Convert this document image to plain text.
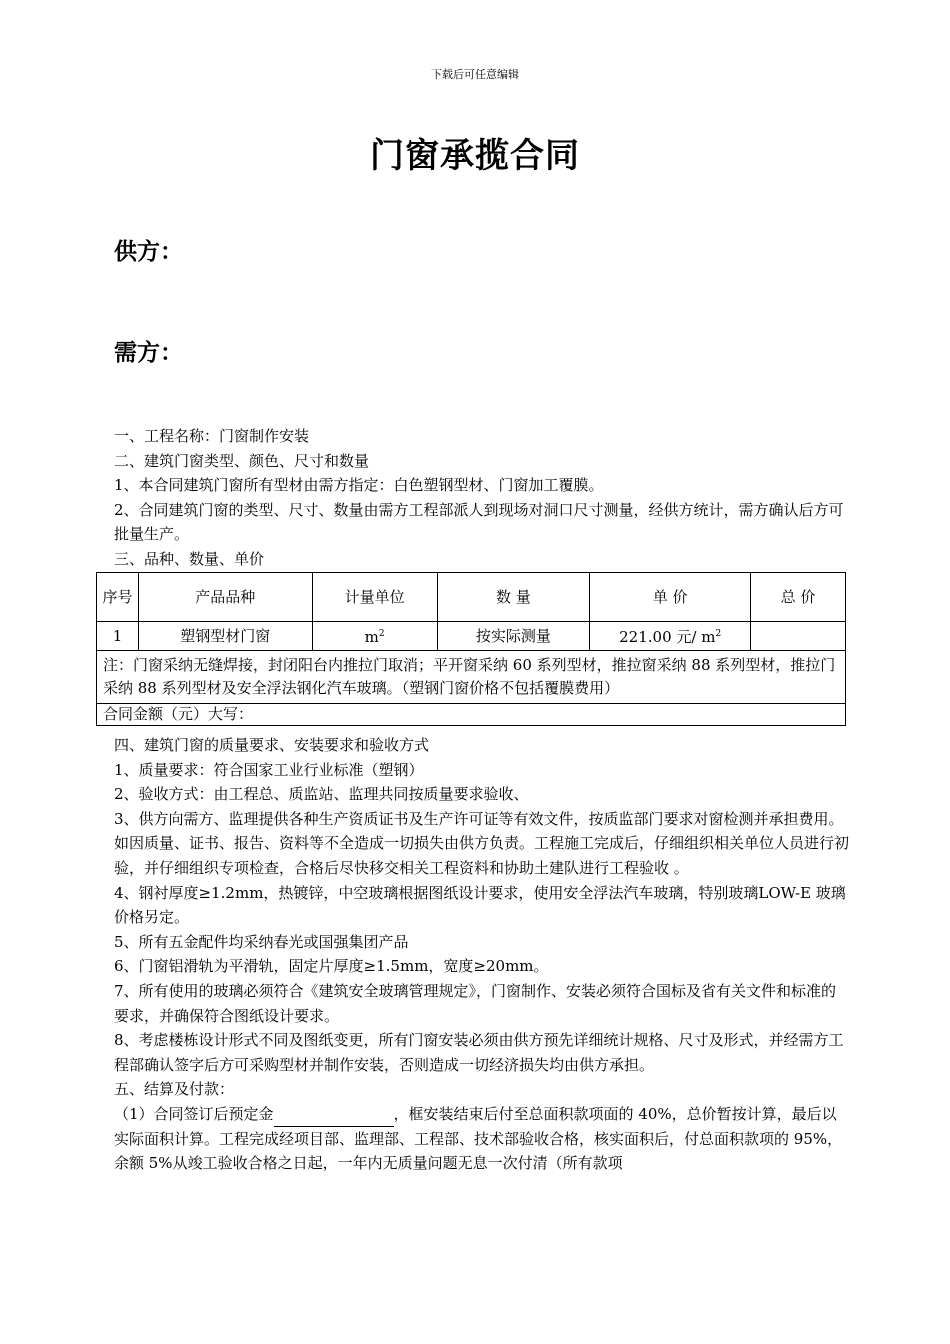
下载后可任意编辑
门窗承揽合同
供方：
需方：

一、工程名称：门窗制作安装

二、建筑门窗类型、颜色、尺寸和数量

1、本合同建筑门窗所有型材由需方指定：白色塑钢型材、门窗加工覆膜。

2、合同建筑门窗的类型、尺寸、数量由需方工程部派人到现场对洞口尺寸测量，经供方统计，需方确认后方可批量生产。

三、品种、数量、单价

序号	产品品种	计量单位	数 量	单 价	总 价
1	塑钢型材门窗	$m^2$	按实际测量	221.00 元/ $m^2$	
注：门窗采纳无缝焊接，封闭阳台内推拉门取消；平开窗采纳 60 系列型材，推拉窗采纳 88 系列型材，推拉门采纳 88 系列型材及安全浮法钢化汽车玻璃。（塑钢门窗价格不包括覆膜费用）					
合同金额（元）大写：					

四、建筑门窗的质量要求、安装要求和验收方式

1、质量要求：符合国家工业行业标准（塑钢）

2、验收方式：由工程总、质监站、监理共同按质量要求验收、

3、供方向需方、监理提供各种生产资质证书及生产许可证等有效文件，按质监部门要求对窗检测并承担费用。如因质量、证书、报告、资料等不全造成一切损失由供方负责。工程施工完成后，仔细组织相关单位人员进行初验，并仔细组织专项检查，合格后尽快移交相关工程资料和协助土建队进行工程验收 。

4、钢衬厚度≥1.2mm，热镀锌，中空玻璃根据图纸设计要求，使用安全浮法汽车玻璃，特别玻璃LOW-E 玻璃价格另定。

5、所有五金配件均采纳春光或国强集团产品

6、门窗铝滑轨为平滑轨，固定片厚度≥1.5mm，宽度≥20mm。

7、所有使用的玻璃必须符合《建筑安全玻璃管理规定》，门窗制作、安装必须符合国标及省有关文件和标准的要求，并确保符合图纸设计要求。

8、考虑楼栋设计形式不同及图纸变更，所有门窗安装必须由供方预先详细统计规格、尺寸及形式，并经需方工程部确认签字后方可采购型材并制作安装，否则造成一切经济损失均由供方承担。

五、结算及付款：

（1）合同签订后预定金	，框安装结束后付至总面积款项面的 40%，总价暂按计算，最后以实际面积计算。工程完成经项目部、监理部、工程部、技术部验收合格，核实面积后，付总面积款项的 95%，余额 5%从竣工验收合格之日起，一年内无质量问题无息一次付清（所有款项
